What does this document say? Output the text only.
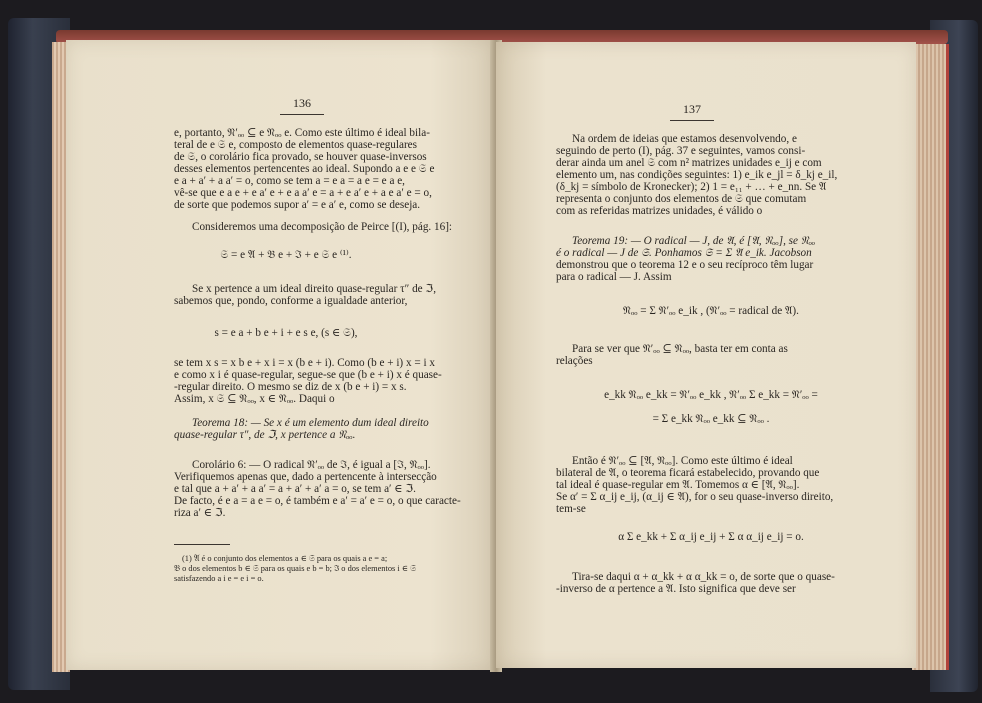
136
e, portanto, 𝔑′ₒₒ ⊆ e 𝔑ₒₒ e. Como este último é ideal bila-
teral de e 𝔖 e, composto de elementos quase-regulares
de 𝔖, o corolário fica provado, se houver quase-inversos
desses elementos pertencentes ao ideal. Supondo a e e 𝔖 e
e a + a′ + a a′ = o, como se tem a = e a = a e = e a e,
vê-se que e a e + e a′ e + e a a′ e = a + e a′ e + a e a′ e = o,
de sorte que podemos supor a′ = e a′ e, como se deseja.
Consideremos uma decomposição de Peirce [(I), pág. 16]:
𝔖 = e 𝔄 + 𝔅 e + ℑ + e 𝔖 e ⁽¹⁾.
Se x pertence a um ideal direito quase-regular τ″ de ℑ,
sabemos que, pondo, conforme a igualdade anterior,
s = e a + b e + i + e s e, (s ∈ 𝔖),
se tem x s = x b e + x i = x (b e + i). Como (b e + i) x = i x
e como x i é quase-regular, segue-se que (b e + i) x é quase-
-regular direito. O mesmo se diz de x (b e + i) = x s.
Assim, x 𝔖 ⊆ 𝔑ₒₒ, x ∈ 𝔑ₒₒ. Daqui o
Teorema 18: — Se x é um elemento dum ideal direito
quase-regular τ″, de ℑ, x pertence a 𝔑ₒₒ.
Corolário 6: — O radical 𝔑′ₒₒ de ℑ, é igual a [ℑ, 𝔑ₒₒ].
Verifiquemos apenas que, dado a pertencente à intersecção
e tal que a + a′ + a a′ = a + a′ + a′ a = o, se tem a′ ∈ ℑ.
De facto, é e a = a e = o, é também e a′ = a′ e = o, o que caracte-
riza a′ ∈ ℑ.
(1) 𝔄 é o conjunto dos elementos a ∈ 𝔖 para os quais a e = a;
𝔅 o dos elementos b ∈ 𝔖 para os quais e b = b; ℑ o dos elementos i ∈ 𝔖
satisfazendo a i e = e i = o.
137
Na ordem de ideias que estamos desenvolvendo, e
seguindo de perto (I), pág. 37 e seguintes, vamos consi-
derar ainda um anel 𝔖 com n² matrizes unidades e_ij e com
elemento um, nas condições seguintes: 1) e_ik e_jl = δ_kj e_il,
(δ_kj = símbolo de Kronecker); 2) 1 = e₁₁ + … + e_nn. Se 𝔄
representa o conjunto dos elementos de 𝔖 que comutam
com as referidas matrizes unidades, é válido o
Teorema 19: — O radical — J, de 𝔄, é [𝔄, 𝔑ₒₒ], se 𝔑ₒₒ
é o radical — J de 𝔖. Ponhamos 𝔖 = Σ 𝔄 e_ik. Jacobson
demonstrou que o teorema 12 e o seu recíproco têm lugar
para o radical — J. Assim
𝔑ₒₒ = Σ 𝔑′ₒₒ e_ik , (𝔑′ₒₒ = radical de 𝔄).
Para se ver que 𝔑′ₒₒ ⊆ 𝔑ₒₒ, basta ter em conta as
relações
e_kk 𝔑ₒₒ e_kk = 𝔑′ₒₒ e_kk , 𝔑′ₒₒ Σ e_kk = 𝔑′ₒₒ =
= Σ e_kk 𝔑ₒₒ e_kk ⊆ 𝔑ₒₒ .
Então é 𝔑′ₒₒ ⊆ [𝔄, 𝔑ₒₒ]. Como este último é ideal
bilateral de 𝔄, o teorema ficará estabelecido, provando que
tal ideal é quase-regular em 𝔄. Tomemos α ∈ [𝔄, 𝔑ₒₒ].
Se α′ = Σ α_ij e_ij, (α_ij ∈ 𝔄), for o seu quase-inverso direito,
tem-se
α Σ e_kk + Σ α_ij e_ij + Σ α α_ij e_ij = o.
Tira-se daqui α + α_kk + α α_kk = o, de sorte que o quase-
-inverso de α pertence a 𝔄. Isto significa que deve ser
